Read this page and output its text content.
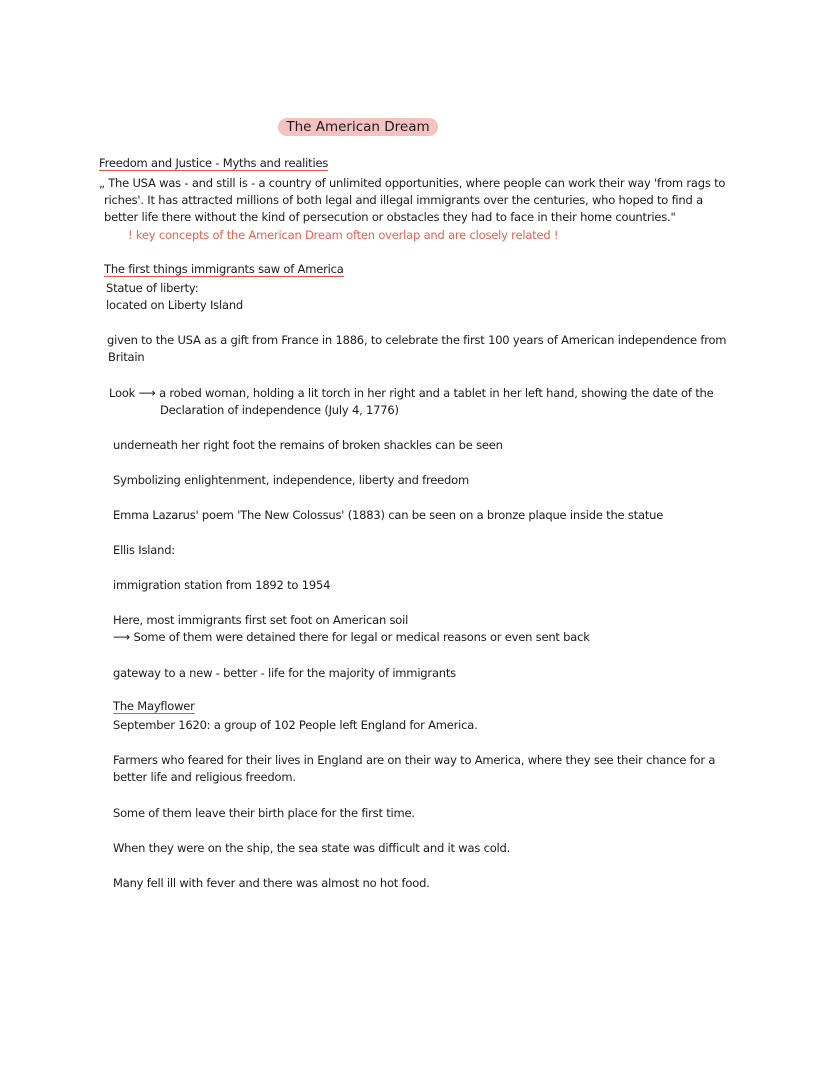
The American Dream
Freedom and Justice - Myths and realities
„ The USA was - and still is - a country of unlimited opportunities, where people can work their way 'from rags to
riches'. It has attracted millions of both legal and illegal immigrants over the centuries, who hoped to find a
better life there without the kind of persecution or obstacles they had to face in their home countries."
! key concepts of the American Dream often overlap and are closely related !
The first things immigrants saw of America
Statue of liberty:
located on Liberty Island
given to the USA as a gift from France in 1886, to celebrate the first 100 years of American independence from
Britain
Look ⟶ a robed woman, holding a lit torch in her right and a tablet in her left hand, showing the date of the
Declaration of independence (July 4, 1776)
underneath her right foot the remains of broken shackles can be seen
Symbolizing enlightenment, independence, liberty and freedom
Emma Lazarus' poem 'The New Colossus' (1883) can be seen on a bronze plaque inside the statue
Ellis Island:
immigration station from 1892 to 1954
Here, most immigrants first set foot on American soil
⟶ Some of them were detained there for legal or medical reasons or even sent back
gateway to a new - better - life for the majority of immigrants
The Mayflower
September 1620: a group of 102 People left England for America.
Farmers who feared for their lives in England are on their way to America, where they see their chance for a
better life and religious freedom.
Some of them leave their birth place for the first time.
When they were on the ship, the sea state was difficult and it was cold.
Many fell ill with fever and there was almost no hot food.
